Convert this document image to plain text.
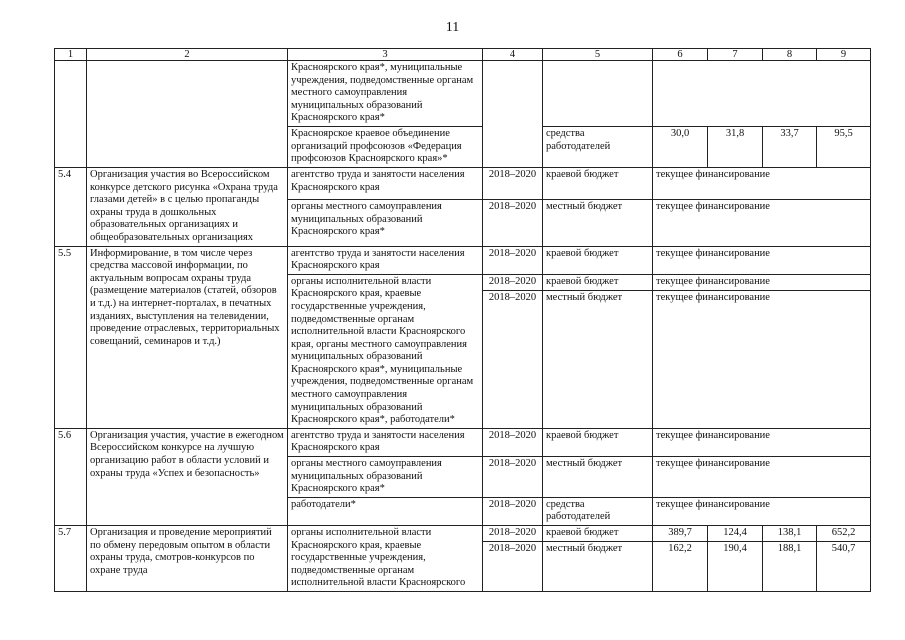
11
1	2	3	4	5	6	7	8	9
		Красноярского края*, муниципальные учреждения, подведомственные органам местного самоуправления муниципальных образований Красноярского края*						
		Красноярское краевое объединение организаций профсоюзов «Федерация профсоюзов Красноярского края»*		средства работодателей	30,0	31,8	33,7	95,5
5.4	Организация участия во Всероссийском конкурсе детского рисунка «Охрана труда глазами детей» в с целью пропаганды охраны труда в дошкольных образовательных организациях и общеобразовательных организациях	агентство труда и занятости населения Красноярского края	2018–2020	краевой бюджет	текущее финансирование			
		органы местного самоуправления муниципальных образований Красноярского края*	2018–2020	местный бюджет	текущее финансирование			
5.5	Информирование, в том числе через средства массовой информации, по актуальным вопросам охраны труда (размещение материалов (статей, обзоров и т.д.) на интернет-порталах, в печатных изданиях, выступления на телевидении, проведение отраслевых, территориальных совещаний, семинаров и т.д.)	агентство труда и занятости населения Красноярского края	2018–2020	краевой бюджет	текущее финансирование			
		органы исполнительной власти Красноярского края, краевые государственные учреждения, подведомственные органам исполнительной власти Красноярского края, органы местного самоуправления муниципальных образований Красноярского края*, муниципальные учреждения, подведомственные органам местного самоуправления муниципальных образований Красноярского края*, работодатели*	2018–2020	краевой бюджет	текущее финансирование			
			2018–2020	местный бюджет	текущее финансирование			
5.6	Организация участия, участие в ежегодном Всероссийском конкурсе на лучшую организацию работ в области условий и охраны труда «Успех и безопасность»	агентство труда и занятости населения Красноярского края	2018–2020	краевой бюджет	текущее финансирование			
		органы местного самоуправления муниципальных образований Красноярского края*	2018–2020	местный бюджет	текущее финансирование			
		работодатели*	2018–2020	средства работодателей	текущее финансирование			
5.7	Организация и проведение мероприятий по обмену передовым опытом в области охраны труда, смотров-конкурсов по охране труда	органы исполнительной власти Красноярского края, краевые государственные учреждения, подведомственные органам исполнительной власти Красноярского	2018–2020	краевой бюджет	389,7	124,4	138,1	652,2
			2018–2020	местный бюджет	162,2	190,4	188,1	540,7
